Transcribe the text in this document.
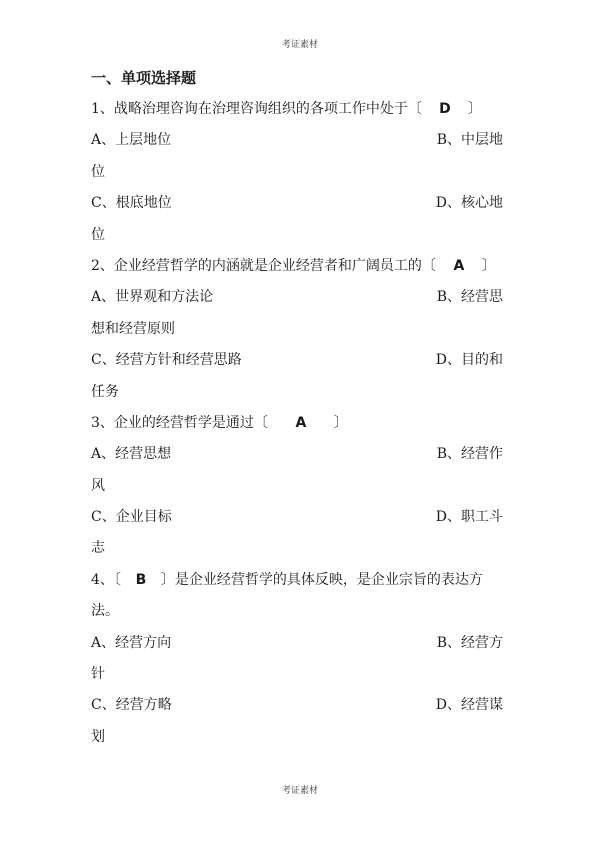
考证素材
一、单项选择题
1、战略治理咨询在治理咨询组织的各项工作中处于〔 D 〕
A、上层地位	B、中层地
位
C、根底地位	D、核心地
位
2、企业经营哲学的内涵就是企业经营者和广阔员工的〔 A 〕
A、世界观和方法论	B、经营思
想和经营原则
C、经营方针和经营思路	D、目的和
任务
3、企业的经营哲学是通过〔 A 〕
A、经营思想	B、经营作
风
C、企业目标	D、职工斗
志
4、〔 B 〕是企业经营哲学的具体反映，是企业宗旨的表达方
法。
A、经营方向	B、经营方
针
C、经营方略	D、经营谋
划
考证素材
